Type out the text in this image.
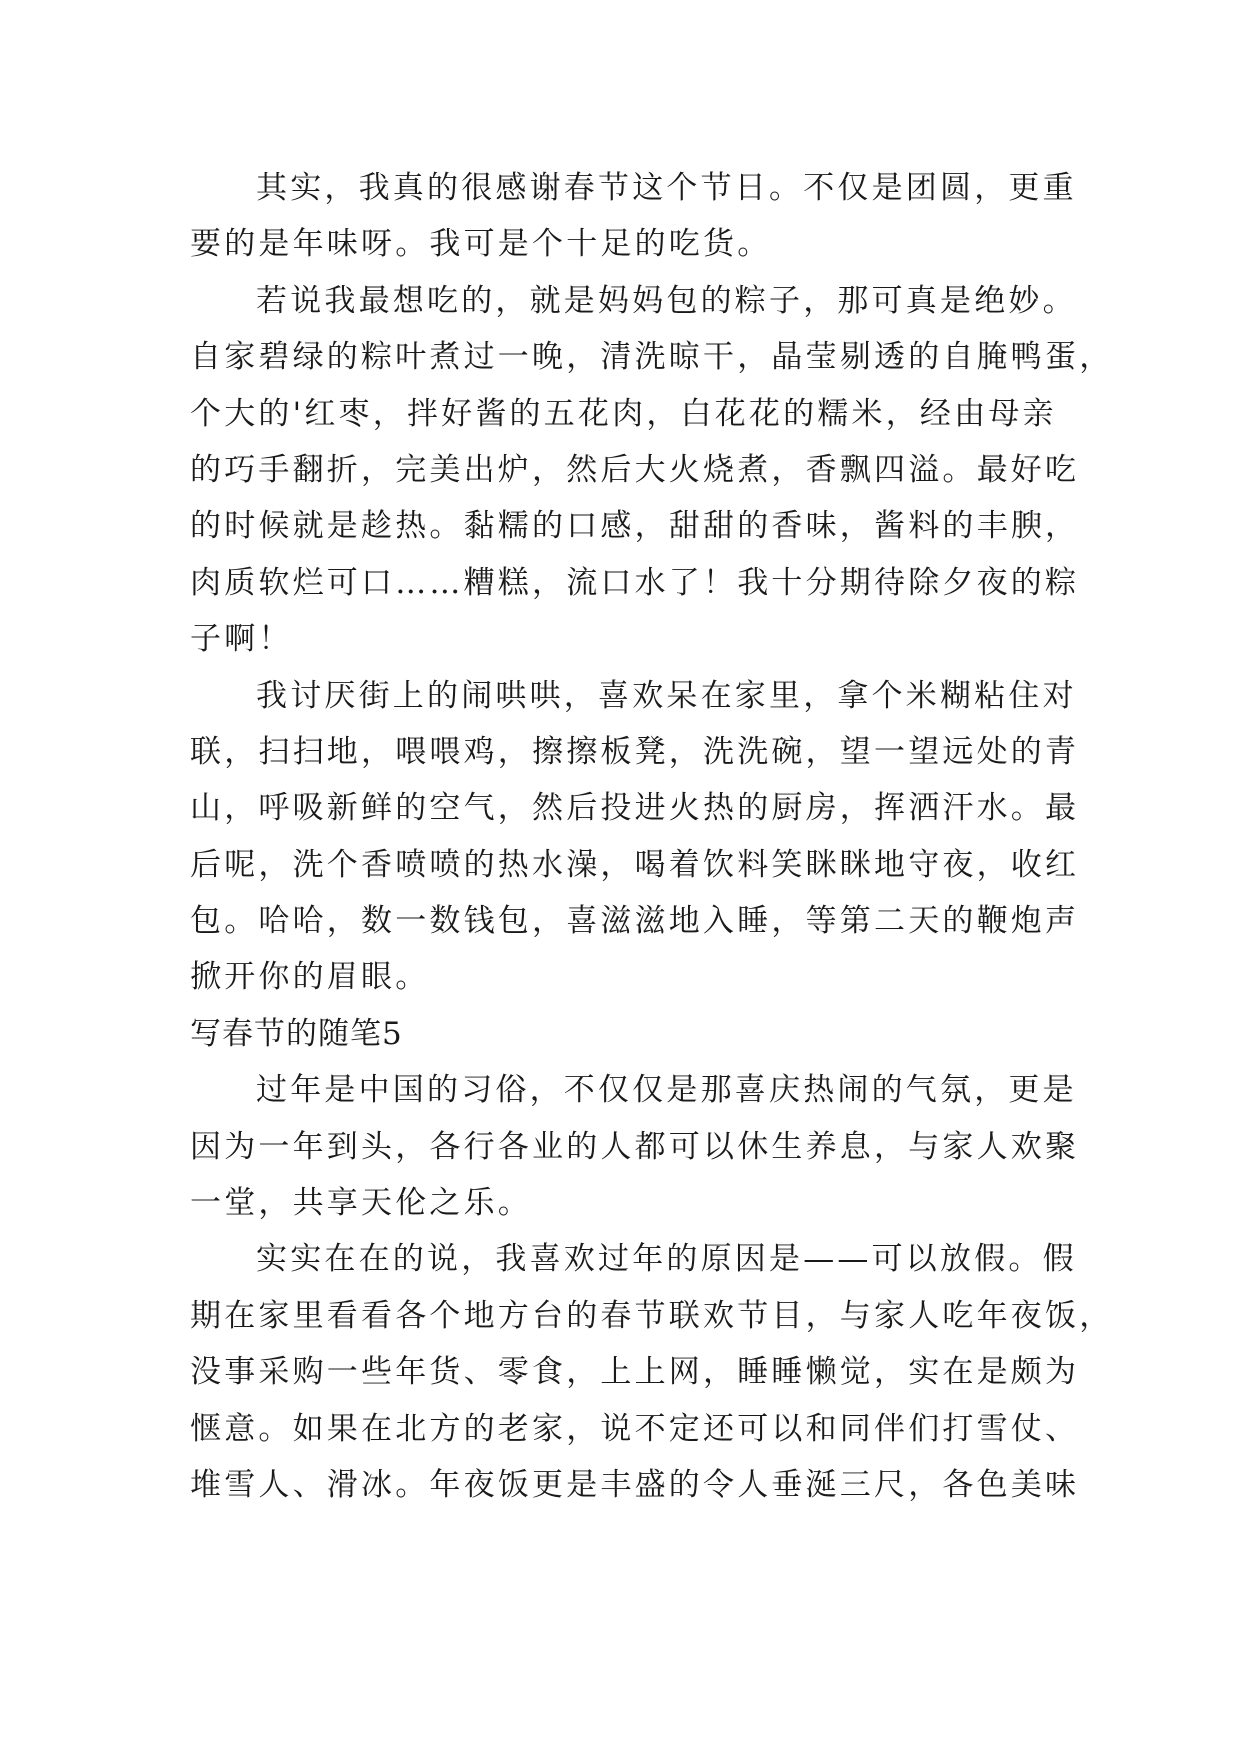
其实，我真的很感谢春节这个节日。不仅是团圆，更重
要的是年味呀。我可是个十足的吃货。
若说我最想吃的，就是妈妈包的粽子，那可真是绝妙。
自家碧绿的粽叶煮过一晚，清洗晾干，晶莹剔透的自腌鸭蛋，
个大的'红枣，拌好酱的五花肉，白花花的糯米，经由母亲
的巧手翻折，完美出炉，然后大火烧煮，香飘四溢。最好吃
的时候就是趁热。黏糯的口感，甜甜的香味，酱料的丰腴，
肉质软烂可口……糟糕，流口水了！我十分期待除夕夜的粽
子啊！
我讨厌街上的闹哄哄，喜欢呆在家里，拿个米糊粘住对
联，扫扫地，喂喂鸡，擦擦板凳，洗洗碗，望一望远处的青
山，呼吸新鲜的空气，然后投进火热的厨房，挥洒汗水。最
后呢，洗个香喷喷的热水澡，喝着饮料笑眯眯地守夜，收红
包。哈哈，数一数钱包，喜滋滋地入睡，等第二天的鞭炮声
掀开你的眉眼。
写春节的随笔5
过年是中国的习俗，不仅仅是那喜庆热闹的气氛，更是
因为一年到头，各行各业的人都可以休生养息，与家人欢聚
一堂，共享天伦之乐。
实实在在的说，我喜欢过年的原因是——可以放假。假
期在家里看看各个地方台的春节联欢节目，与家人吃年夜饭，
没事采购一些年货、零食，上上网，睡睡懒觉，实在是颇为
惬意。如果在北方的老家，说不定还可以和同伴们打雪仗、
堆雪人、滑冰。年夜饭更是丰盛的令人垂涎三尺，各色美味
